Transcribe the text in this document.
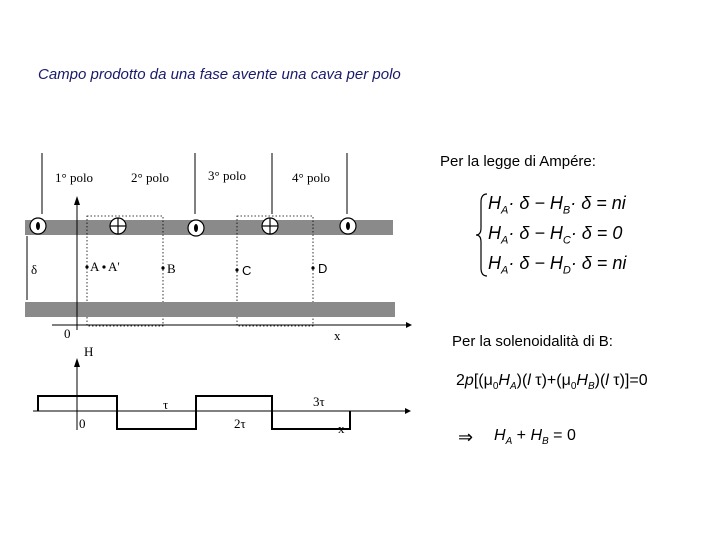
Campo prodotto da una fase avente una cava per polo
1° polo	2° polo	3° polo	4° polo
δ	A A'	B	C	D
0	x
H
0
τ
2τ
3τ
x
Per la legge di Ampére:
$H_A\cdot \delta - H_B\cdot \delta$ = ni
$H_A\cdot \delta - H_C\cdot \delta = 0$
$H_A\cdot \delta - H_D\cdot \delta$ = ni
Per la solenoidalità di B:
$2p[(\mu_0H_A)(l$ $\tau)+(\mu_0H_B)(l$ τ)]=0
⇒ $H_A + H_B = 0$
